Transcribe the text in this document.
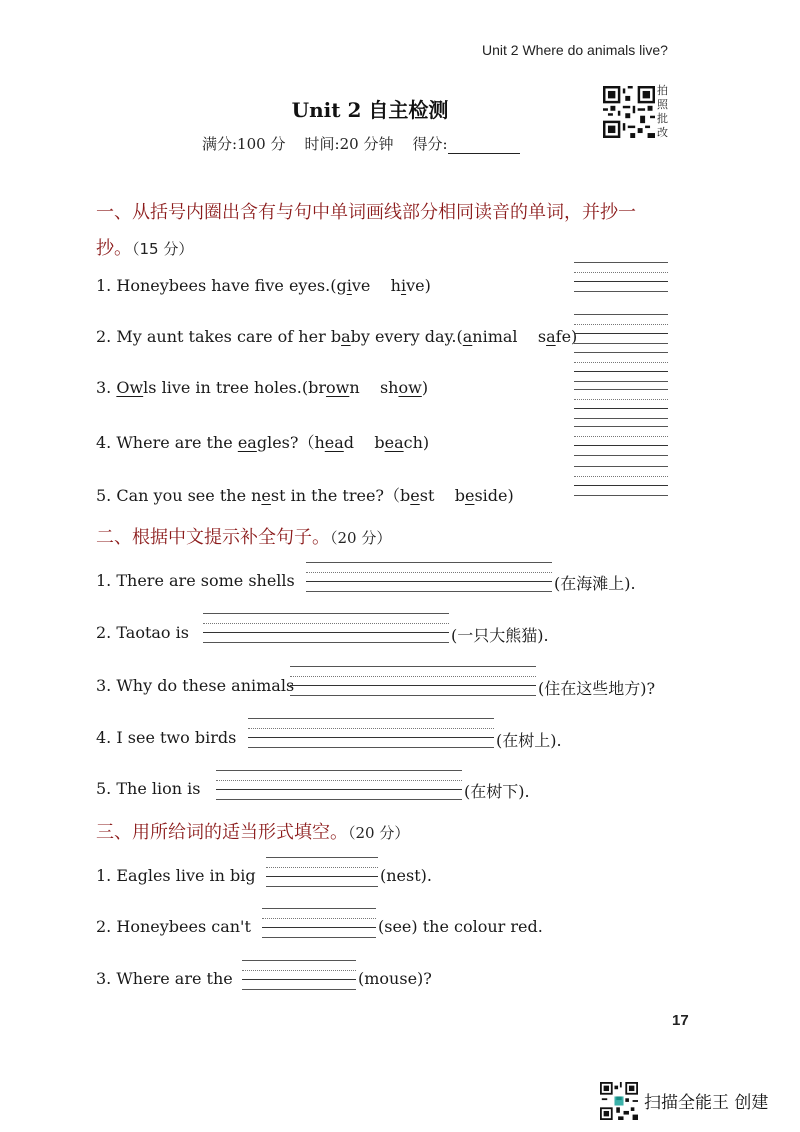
Unit 2 Where do animals live?
Unit 2 自主检测
拍照批改
满分:100 分 时间:20 分钟 得分:
一、从括号内圈出含有与句中单词画线部分相同读音的单词，并抄一
抄。（15 分）
1. Honeybees have fve eyes.(give    hive)
2. My aunt takes care of her baby every day.(animal    safe)
3. Owls live in tree holes.(brown    show)
4. Where are the eagles?（head    beach)
5. Can you see the nest in the tree?（best    beside)
二、根据中文提示补全句子。（20 分）
1. There are some shells	(在海滩上).
2. Taotao is	(一只大熊猫).
3. Why do these animals	(住在这些地方)?
4. I see two birds	(在树上).
5. The lion is	(在树下).
三、用所给词的适当形式填空。（20 分）
1. Eagles live in big	(nest).
2. Honeybees can't	(see) the colour red.
3. Where are the	(mouse)?
17
扫描全能王 创建
